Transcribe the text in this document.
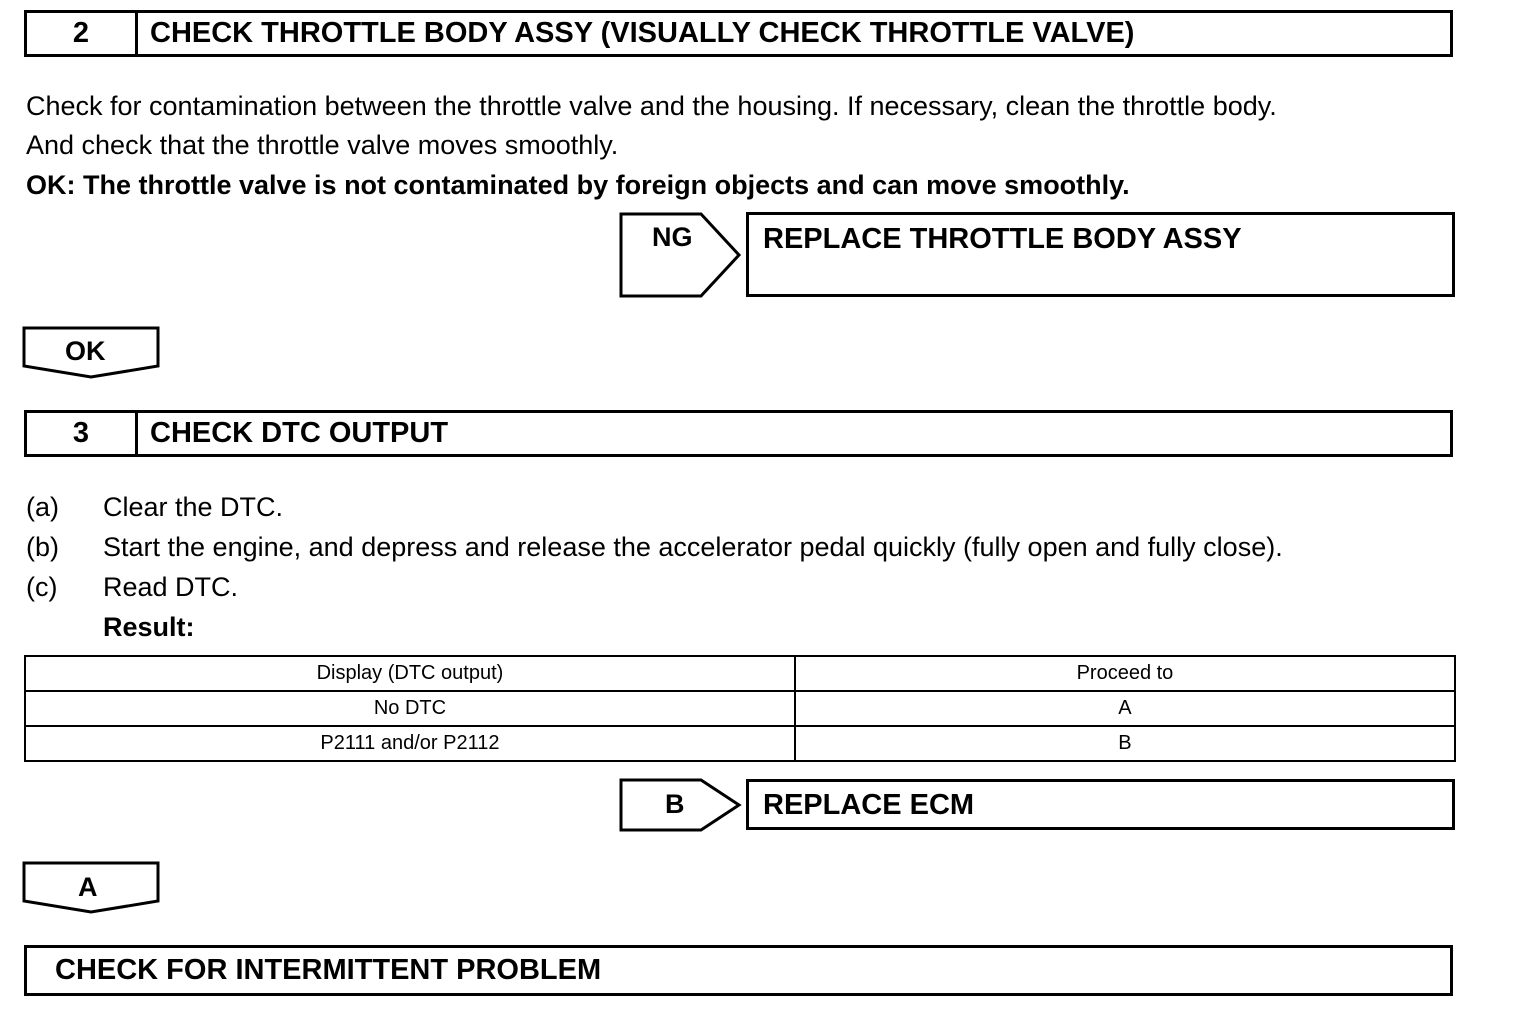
2	CHECK THROTTLE BODY ASSY (VISUALLY CHECK THROTTLE VALVE)
Check for contamination between the throttle valve and the housing. If necessary, clean the throttle body.
And check that the throttle valve moves smoothly.
OK: The throttle valve is not contaminated by foreign objects and can move smoothly.
NG	REPLACE THROTTLE BODY ASSY
OK
3	CHECK DTC OUTPUT
(a) Clear the DTC.
(b) Start the engine, and depress and release the accelerator pedal quickly (fully open and fully close).
(c) Read DTC.
Result:
Display (DTC output)	Proceed to
No DTC	A
P2111 and/or P2112	B
B	REPLACE ECM
A
CHECK FOR INTERMITTENT PROBLEM
